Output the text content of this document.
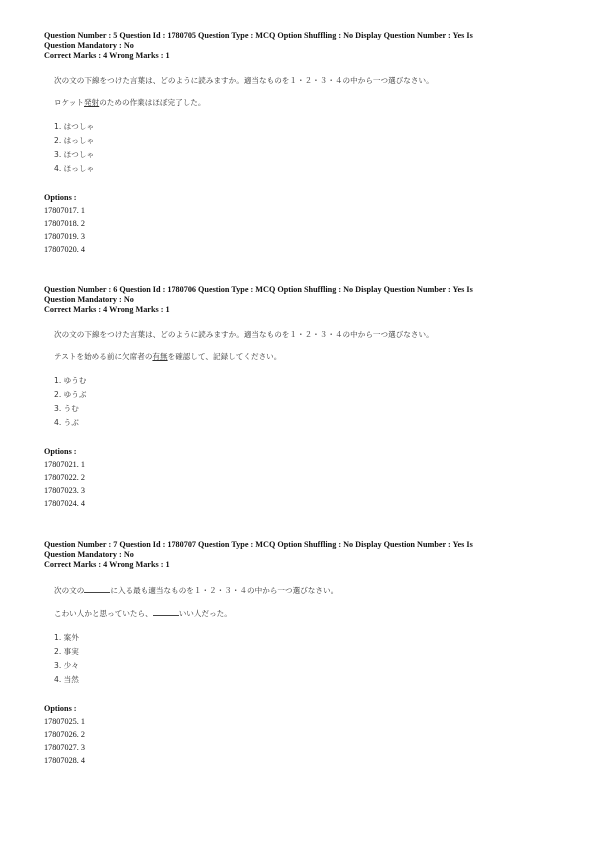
Question Number : 5 Question Id : 1780705 Question Type : MCQ Option Shuffling : No Display Question Number : Yes Is
Question Mandatory : No
Correct Marks : 4 Wrong Marks : 1
次の文の下線をつけた言葉は、どのように読みますか。適当なものを１・２・３・４の中から一つ選びなさい。
ロケット発射のための作業はほぼ完了した。
1. はつしゃ
2. はっしゃ
3. ほつしゃ
4. ほっしゃ
Options :
17807017. 1
17807018. 2
17807019. 3
17807020. 4
Question Number : 6 Question Id : 1780706 Question Type : MCQ Option Shuffling : No Display Question Number : Yes Is
Question Mandatory : No
Correct Marks : 4 Wrong Marks : 1
次の文の下線をつけた言葉は、どのように読みますか。適当なものを１・２・３・４の中から一つ選びなさい。
テストを始める前に欠席者の有無を確認して、記録してください。
1. ゆうむ
2. ゆうぶ
3. うむ
4. うぶ
Options :
17807021. 1
17807022. 2
17807023. 3
17807024. 4
Question Number : 7 Question Id : 1780707 Question Type : MCQ Option Shuffling : No Display Question Number : Yes Is
Question Mandatory : No
Correct Marks : 4 Wrong Marks : 1
次の文の	に入る最も適当なものを１・２・３・４の中から一つ選びなさい。
こわい人かと思っていたら、	いい人だった。
1. 案外
2. 事実
3. 少々
4. 当然
Options :
17807025. 1
17807026. 2
17807027. 3
17807028. 4
